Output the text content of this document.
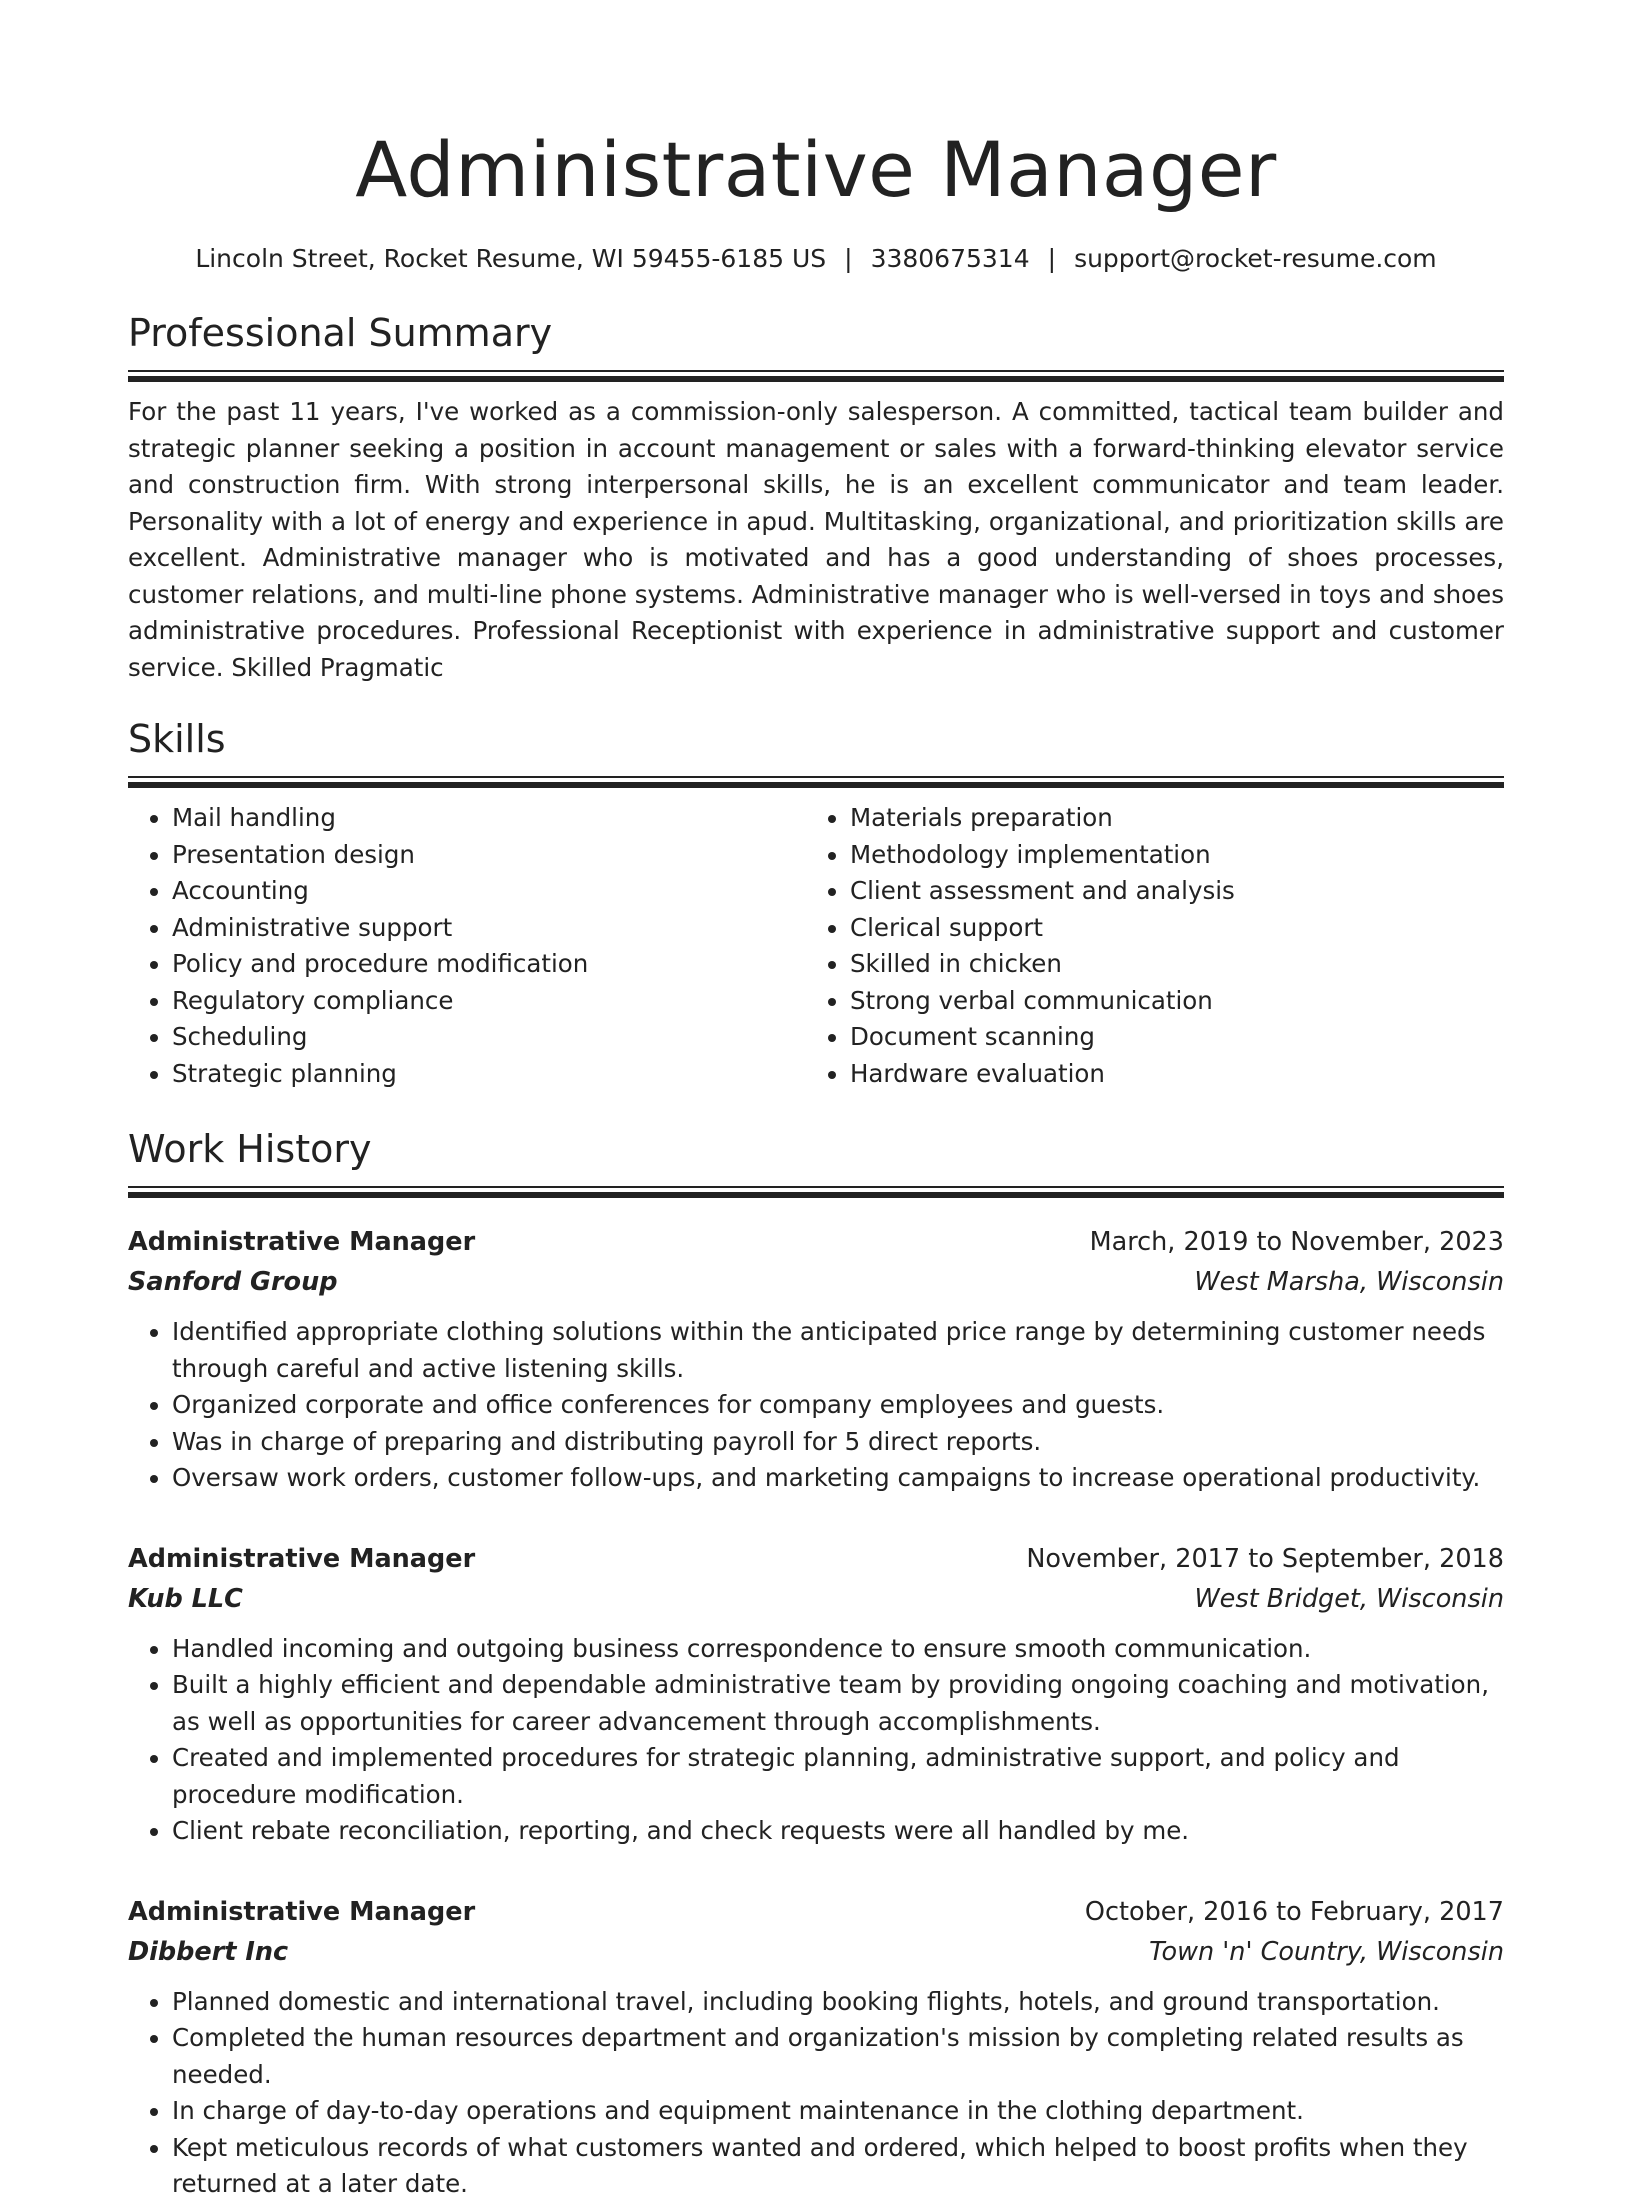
Administrative Manager
Lincoln Street, Rocket Resume, WI 59455-6185 US | 3380675314 | support@rocket-resume.com
Professional Summary

For the past 11 years, I've worked as a commission-only salesperson. A committed, tactical team builder and strategic planner seeking a position in account management or sales with a forward-thinking elevator service and construction firm. With strong interpersonal skills, he is an excellent communicator and team leader. Personality with a lot of energy and experience in apud. Multitasking, organizational, and prioritization skills are excellent. Administrative manager who is motivated and has a good understanding of shoes processes, customer relations, and multi-line phone systems. Administrative manager who is well-versed in toys and shoes administrative procedures. Professional Receptionist with experience in administrative support and customer service. Skilled Pragmatic

Skills
• Mail handling
• Presentation design
• Accounting
• Administrative support
• Policy and procedure modification
• Regulatory compliance
• Scheduling
• Strategic planning
• Materials preparation
• Methodology implementation
• Client assessment and analysis
• Clerical support
• Skilled in chicken
• Strong verbal communication
• Document scanning
• Hardware evaluation
Work History
Administrative Manager	March, 2019 to November, 2023
Sanford Group	West Marsha, Wisconsin
• Identified appropriate clothing solutions within the anticipated price range by determining customer needs through careful and active listening skills.
• Organized corporate and office conferences for company employees and guests.
• Was in charge of preparing and distributing payroll for 5 direct reports.
• Oversaw work orders, customer follow-ups, and marketing campaigns to increase operational productivity.
Administrative Manager	November, 2017 to September, 2018
Kub LLC	West Bridget, Wisconsin
• Handled incoming and outgoing business correspondence to ensure smooth communication.
• Built a highly efficient and dependable administrative team by providing ongoing coaching and motivation, as well as opportunities for career advancement through accomplishments.
• Created and implemented procedures for strategic planning, administrative support, and policy and procedure modification.
• Client rebate reconciliation, reporting, and check requests were all handled by me.
Administrative Manager	October, 2016 to February, 2017
Dibbert Inc	Town 'n' Country, Wisconsin
• Planned domestic and international travel, including booking flights, hotels, and ground transportation.
• Completed the human resources department and organization's mission by completing related results as needed.
• In charge of day-to-day operations and equipment maintenance in the clothing department.
• Kept meticulous records of what customers wanted and ordered, which helped to boost profits when they returned at a later date.
